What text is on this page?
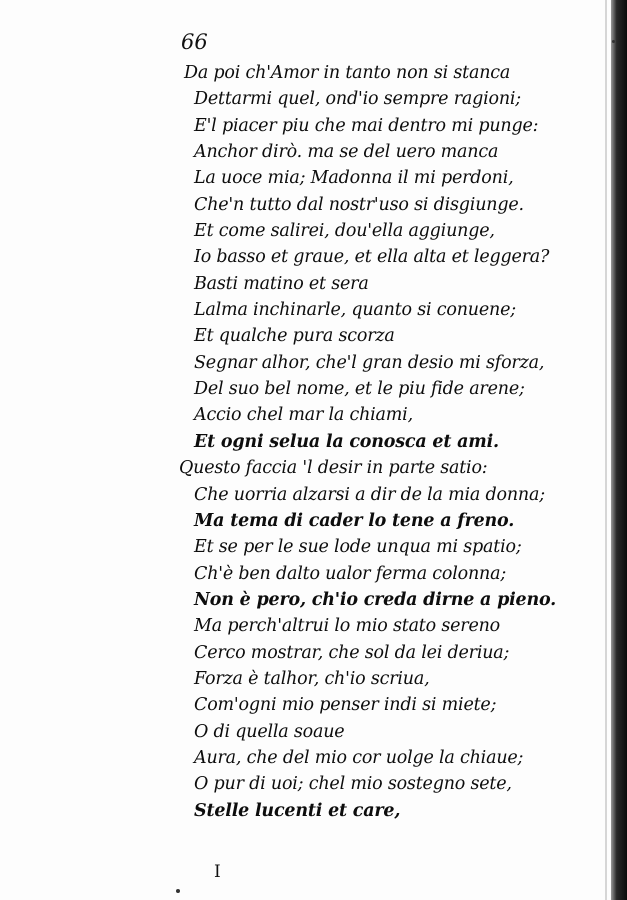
66
Da poi ch'Amor in tanto non si stanca
Dettarmi quel, ond'io sempre ragioni;
E'l piacer piu che mai dentro mi punge:
Anchor dirò. ma se del uero manca
La uoce mia; Madonna il mi perdoni,
Che'n tutto dal nostr'uso si disgiunge.
Et come salirei, dou'ella aggiunge,
Io basso et graue, et ella alta et leggera?
Basti matino et sera
Lalma inchinarle, quanto si conuene;
Et qualche pura scorza
Segnar alhor, che'l gran desio mi sforza,
Del suo bel nome, et le piu fide arene;
Accio chel mar la chiami,
Et ogni selua la conosca et ami.
Questo faccia 'l desir in parte satio:
Che uorria alzarsi a dir de la mia donna;
Ma tema di cader lo tene a freno.
Et se per le sue lode unqua mi spatio;
Ch'è ben dalto ualor ferma colonna;
Non è pero, ch'io creda dirne a pieno.
Ma perch'altrui lo mio stato sereno
Cerco mostrar, che sol da lei deriua;
Forza è talhor, ch'io scriua,
Com'ogni mio penser indi si miete;
O di quella soaue
Aura, che del mio cor uolge la chiaue;
O pur di uoi; chel mio sostegno sete,
Stelle lucenti et care,
I
